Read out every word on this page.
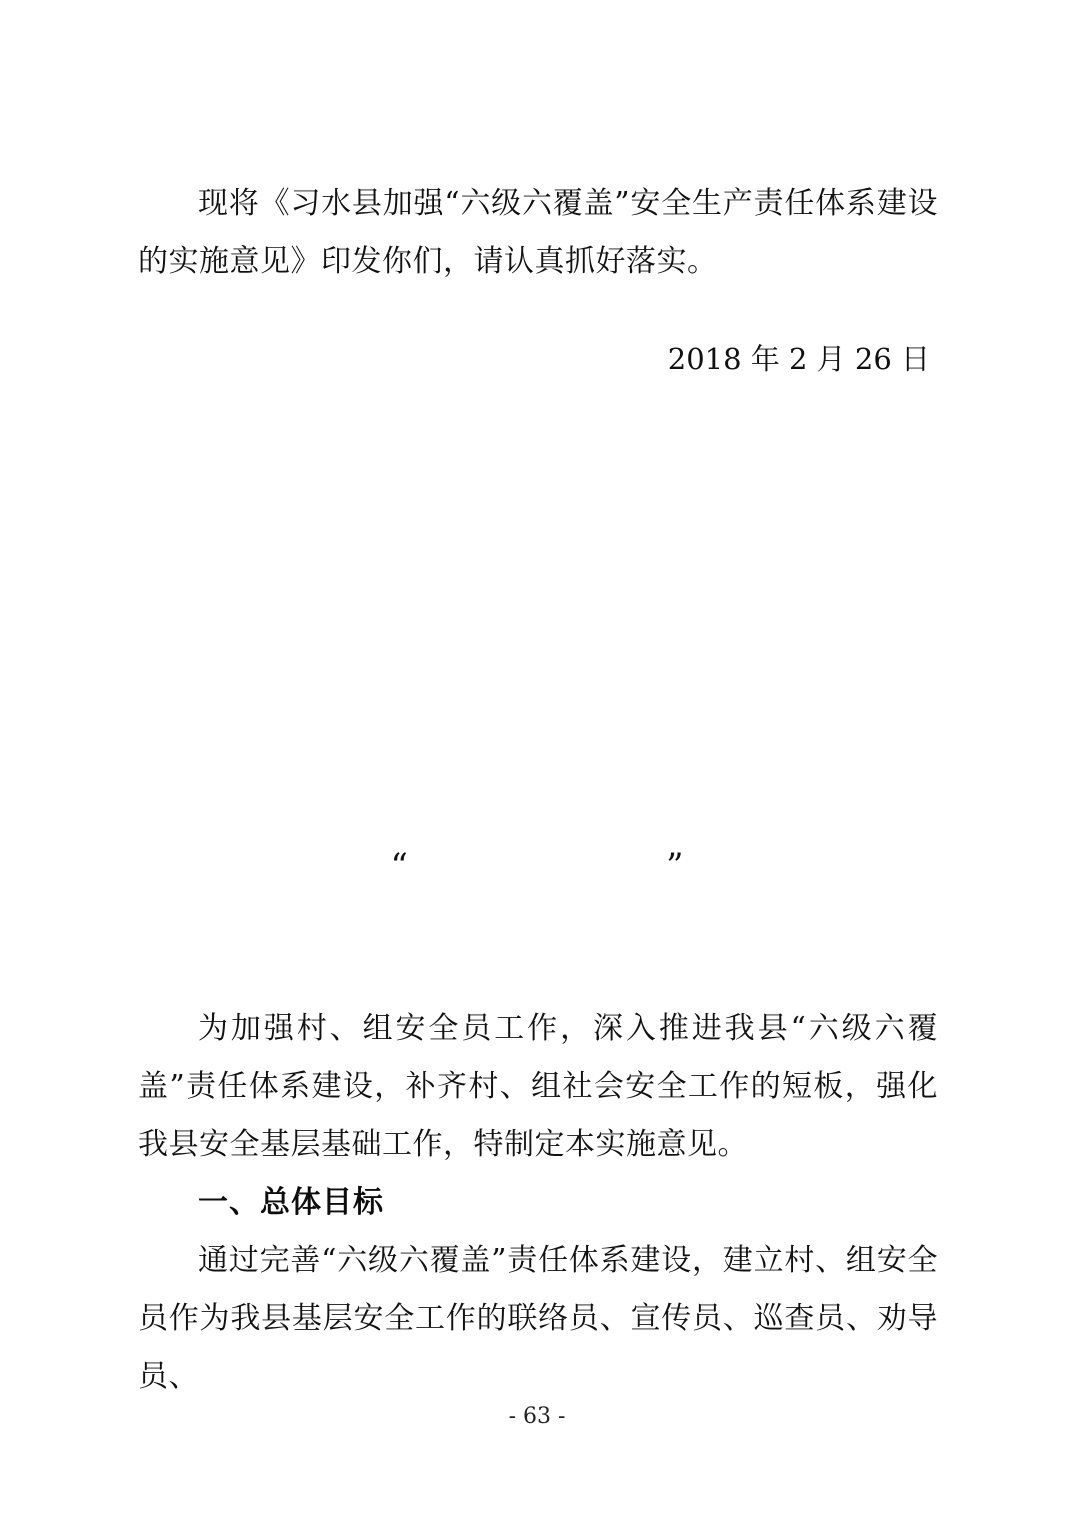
现将《习水县加强“六级六覆盖”安全生产责任体系建设的实施意见》印发你们，请认真抓好落实。

2018 年 2 月 26 日
“                    ”

为加强村、组安全员工作，深入推进我县“六级六覆盖”责任体系建设，补齐村、组社会安全工作的短板，强化我县安全基层基础工作，特制定本实施意见。

一、总体目标

通过完善“六级六覆盖”责任体系建设，建立村、组安全员作为我县基层安全工作的联络员、宣传员、巡查员、劝导员、

- 63 -
